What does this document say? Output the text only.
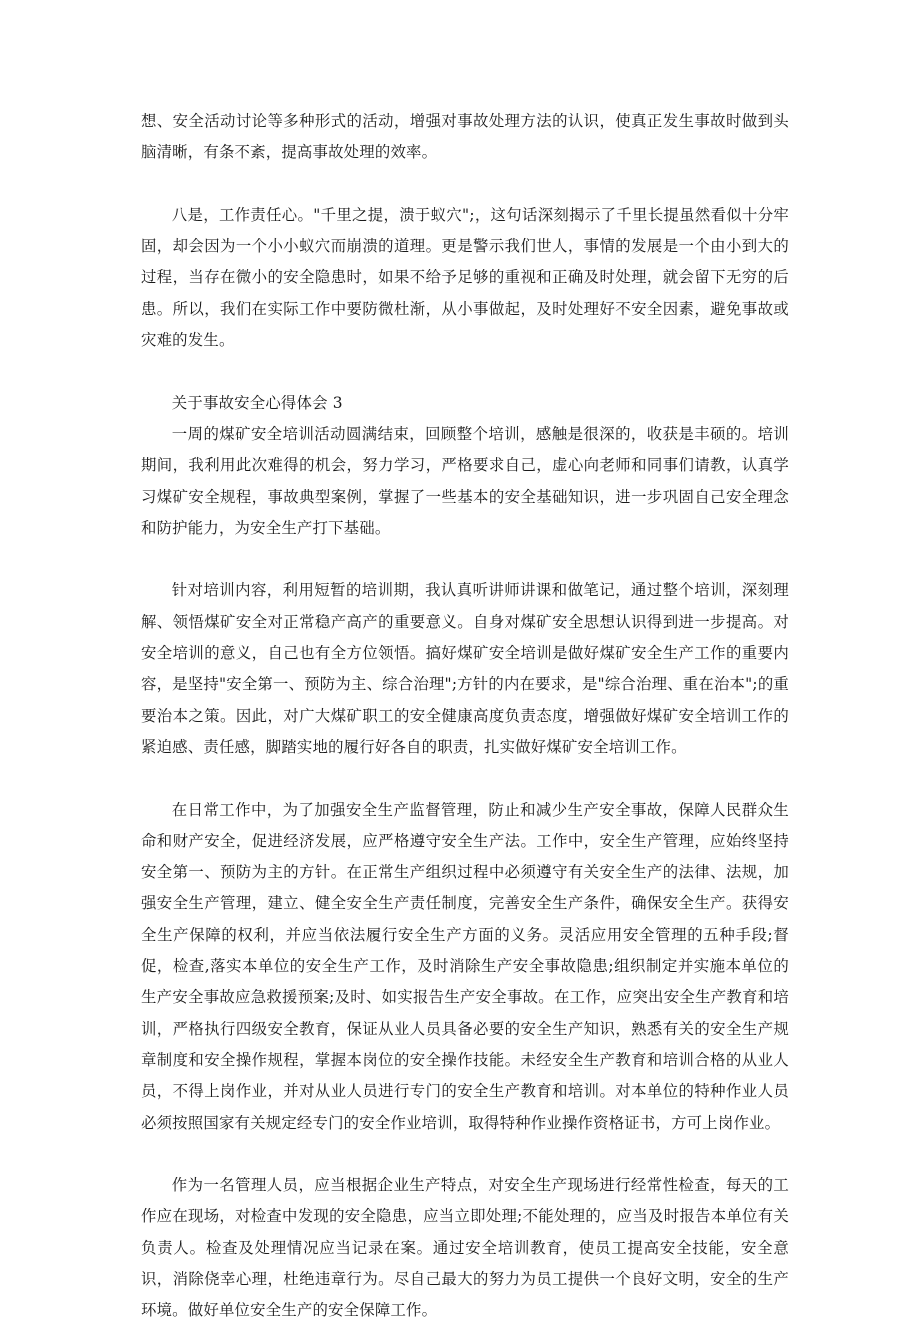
想、安全活动讨论等多种形式的活动，增强对事故处理方法的认识，使真正发生事故时做到头脑清晰，有条不紊，提高事故处理的效率。

八是，工作责任心。"千里之提，溃于蚁穴";，这句话深刻揭示了千里长提虽然看似十分牢固，却会因为一个小小蚁穴而崩溃的道理。更是警示我们世人，事情的发展是一个由小到大的过程，当存在微小的安全隐患时，如果不给予足够的重视和正确及时处理，就会留下无穷的后患。所以，我们在实际工作中要防微杜渐，从小事做起，及时处理好不安全因素，避免事故或灾难的发生。

关于事故安全心得体会 3

一周的煤矿安全培训活动圆满结束，回顾整个培训，感触是很深的，收获是丰硕的。培训期间，我利用此次难得的机会，努力学习，严格要求自己，虚心向老师和同事们请教，认真学习煤矿安全规程，事故典型案例，掌握了一些基本的安全基础知识，进一步巩固自己安全理念和防护能力，为安全生产打下基础。

针对培训内容，利用短暂的培训期，我认真听讲师讲课和做笔记，通过整个培训，深刻理解、领悟煤矿安全对正常稳产高产的重要意义。自身对煤矿安全思想认识得到进一步提高。对安全培训的意义，自己也有全方位领悟。搞好煤矿安全培训是做好煤矿安全生产工作的重要内容，是坚持"安全第一、预防为主、综合治理";方针的内在要求，是"综合治理、重在治本";的重要治本之策。因此，对广大煤矿职工的安全健康高度负责态度，增强做好煤矿安全培训工作的紧迫感、责任感，脚踏实地的履行好各自的职责，扎实做好煤矿安全培训工作。

在日常工作中，为了加强安全生产监督管理，防止和减少生产安全事故，保障人民群众生命和财产安全，促进经济发展，应严格遵守安全生产法。工作中，安全生产管理，应始终坚持安全第一、预防为主的方针。在正常生产组织过程中必须遵守有关安全生产的法律、法规，加强安全生产管理，建立、健全安全生产责任制度，完善安全生产条件，确保安全生产。获得安全生产保障的权利，并应当依法履行安全生产方面的义务。灵活应用安全管理的五种手段;督促，检查,落实本单位的安全生产工作，及时消除生产安全事故隐患;组织制定并实施本单位的生产安全事故应急救援预案;及时、如实报告生产安全事故。在工作，应突出安全生产教育和培训，严格执行四级安全教育，保证从业人员具备必要的安全生产知识，熟悉有关的安全生产规章制度和安全操作规程，掌握本岗位的安全操作技能。未经安全生产教育和培训合格的从业人员，不得上岗作业，并对从业人员进行专门的安全生产教育和培训。对本单位的特种作业人员必须按照国家有关规定经专门的安全作业培训，取得特种作业操作资格证书，方可上岗作业。

作为一名管理人员，应当根据企业生产特点，对安全生产现场进行经常性检查，每天的工作应在现场，对检查中发现的安全隐患，应当立即处理;不能处理的，应当及时报告本单位有关负责人。检查及处理情况应当记录在案。通过安全培训教育，使员工提高安全技能，安全意识，消除侥幸心理，杜绝违章行为。尽自己最大的努力为员工提供一个良好文明，安全的生产环境。做好单位安全生产的安全保障工作。
